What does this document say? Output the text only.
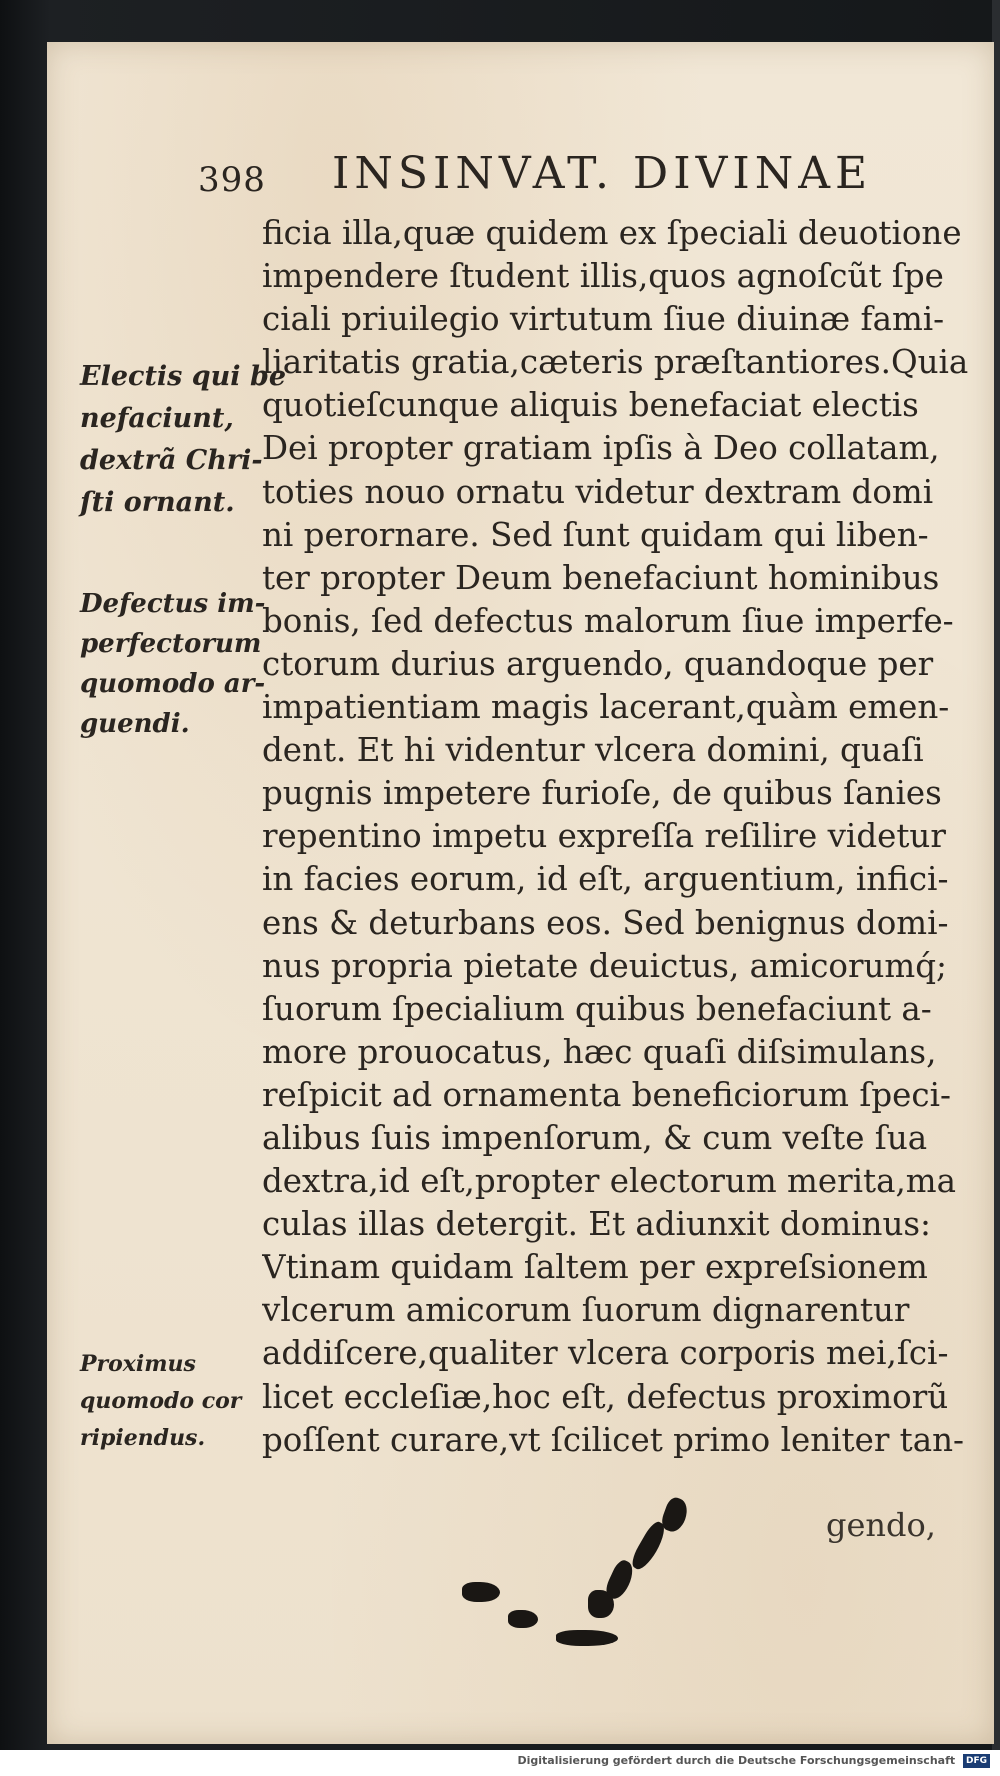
398 INSINVAT. DIVINAE
ficia illa,quæ quidem ex ſpeciali deuotione
impendere ſtudent illis,quos agnoſcũt ſpe
ciali priuilegio virtutum ſiue diuinæ fami-
liaritatis gratia,cæteris præſtantiores.Quia
quotieſcunque aliquis benefaciat electis
Dei propter gratiam ipſis à Deo collatam,
toties nouo ornatu videtur dextram domi
ni perornare. Sed ſunt quidam qui liben-
ter propter Deum benefaciunt hominibus
bonis, ſed defectus malorum ſiue imperfe-
ctorum durius arguendo, quandoque per
impatientiam magis lacerant,quàm emen-
dent. Et hi videntur vlcera domini, quaſi
pugnis impetere furioſe, de quibus ſanies
repentino impetu expreſſa reſilire videtur
in facies eorum, id eſt, arguentium, infici-
ens & deturbans eos. Sed benignus domi-
nus propria pietate deuictus, amicorumq́;
ſuorum ſpecialium quibus benefaciunt a-
more prouocatus, hæc quaſi diſsimulans,
reſpicit ad ornamenta beneficiorum ſpeci-
alibus ſuis impenſorum, & cum veſte ſua
dextra,id eſt,propter electorum merita,ma
culas illas detergit. Et adiunxit dominus:
Vtinam quidam ſaltem per expreſsionem
vlcerum amicorum ſuorum dignarentur
addiſcere,qualiter vlcera corporis mei,ſci-
licet eccleſiæ,hoc eſt, defectus proximorũ
poſſent curare,vt ſcilicet primo leniter tan-
gendo,
Electis qui be
nefaciunt,
dextrã Chri-
ſti ornant.
Defectus im-
perfectorum
quomodo ar-
guendi.
Proximus
quomodo cor
ripiendus.
Digitalisierung gefördert durch die Deutsche Forschungsgemeinschaft DFG
